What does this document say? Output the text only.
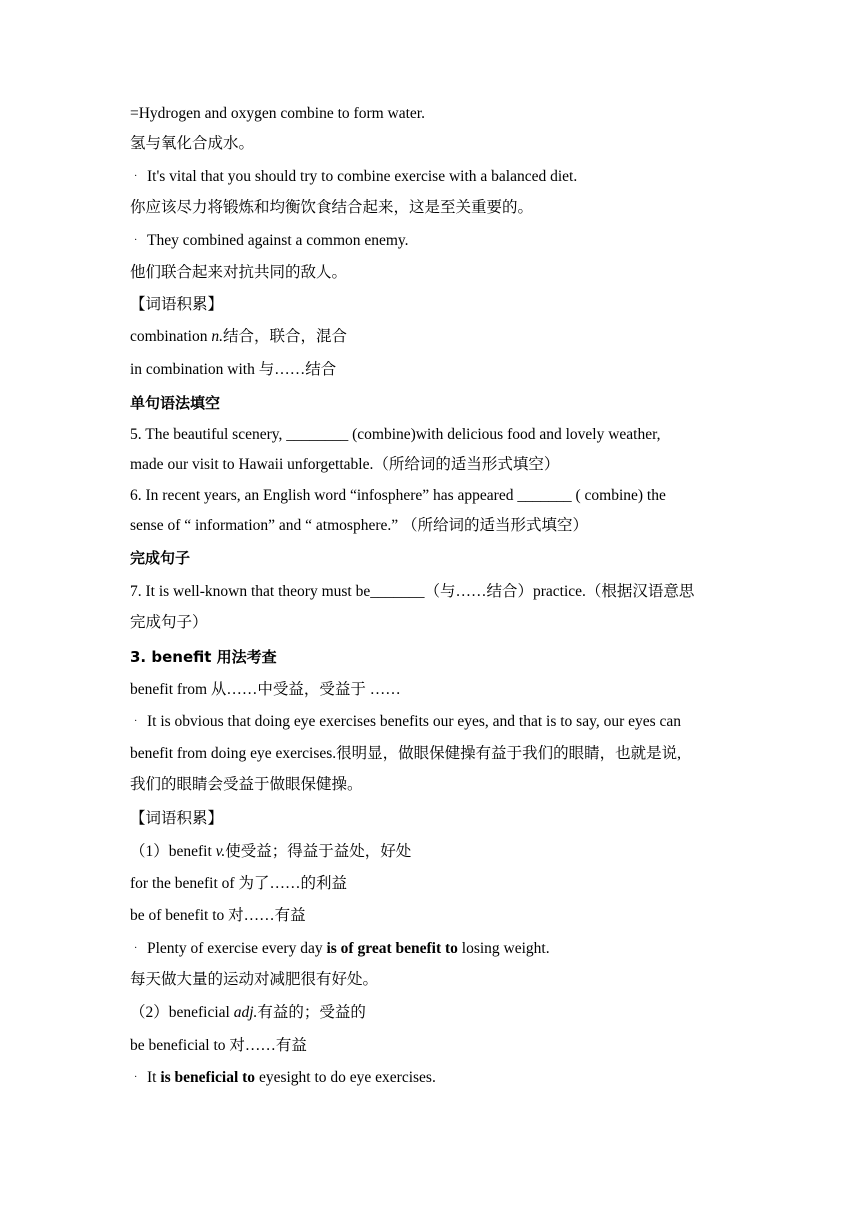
=Hydrogen and oxygen combine to form water.
氢与氧化合成水。
· It's vital that you should try to combine exercise with a balanced diet.
你应该尽力将锻炼和均衡饮食结合起来，这是至关重要的。
· They combined against a common enemy.
他们联合起来对抗共同的敌人。
【词语积累】
combination n.结合，联合，混合
in combination with 与……结合
单句语法填空
5. The beautiful scenery, ________ (combine)with delicious food and lovely weather,
made our visit to Hawaii unforgettable.（所给词的适当形式填空）
6. In recent years, an English word “infosphere” has appeared _______ ( combine) the
sense of “ information” and “ atmosphere.” （所给词的适当形式填空）
完成句子
7. It is well-known that theory must be_______（与……结合）practice.（根据汉语意思
完成句子）
3. benefit 用法考查
benefit from 从……中受益，受益于 ……
· It is obvious that doing eye exercises benefits our eyes, and that is to say, our eyes can
benefit from doing eye exercises.很明显，做眼保健操有益于我们的眼睛，也就是说,
我们的眼睛会受益于做眼保健操。
【词语积累】
（1）benefit v.使受益；得益于益处，好处
for the benefit of 为了……的利益
be of benefit to 对……有益
· Plenty of exercise every day is of great benefit to losing weight.
每天做大量的运动对减肥很有好处。
（2）beneficial adj.有益的；受益的
be beneficial to 对……有益
· It is beneficial to eyesight to do eye exercises.
